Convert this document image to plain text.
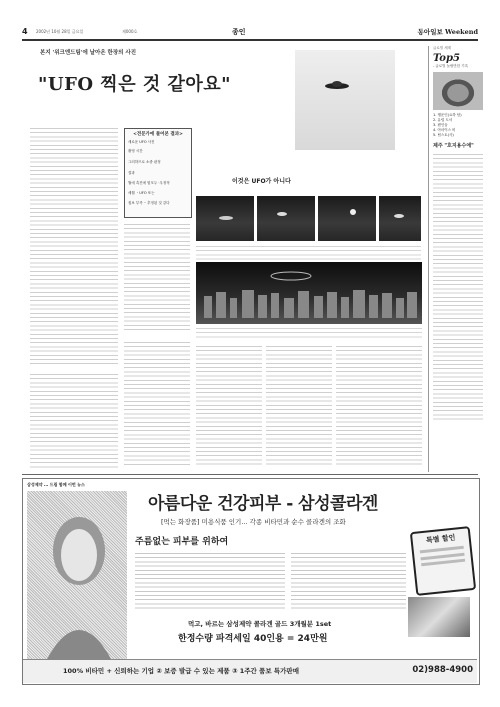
4 2002년 10월 28일 금요일	제000호	종인	동아일보 Weekend
본지 '위크엔드팀'에 날아온 한장의 사진
"UFO 찍은 것 같아요"
<전문가에 물어본 결과>
새로운 UFO 사진
촬영 시간
그러하므로 소중 판정
결과
월에 촉진에 힘모두 ·우정적
세월 ㆍUFO 또는
집보 부족 ·· 추정된 것 같다
이것은 UFO가 아니다
글로벌 세계
Top5
- 글로벌 놀랄만한 기록
1. 행운인(요하 탐)
2. 유럽 도서
3. 팬인들
4. 아마이스 비
5. 팀스토(사)
제주 "호지용수에"
삼성제약 ... 드림 함께 이번 뉴스
아름다운 건강피부 - 삼성콜라겐
[먹는 화장품] 미용식품 인기... 각종 비타민과 순수 콜라겐의 조화
주름없는 피부를 위하여	특별 할인
먹고, 바르는 삼성제약 콜라겐 골드 3개월분 1set
한정수량 파격세일 40인용 = 24만원
100% 비타민 + 신뢰하는 기업 ② 보증 발급 수 있는 제품 ③ 1주간 품보 특가판매	02)988-4900
